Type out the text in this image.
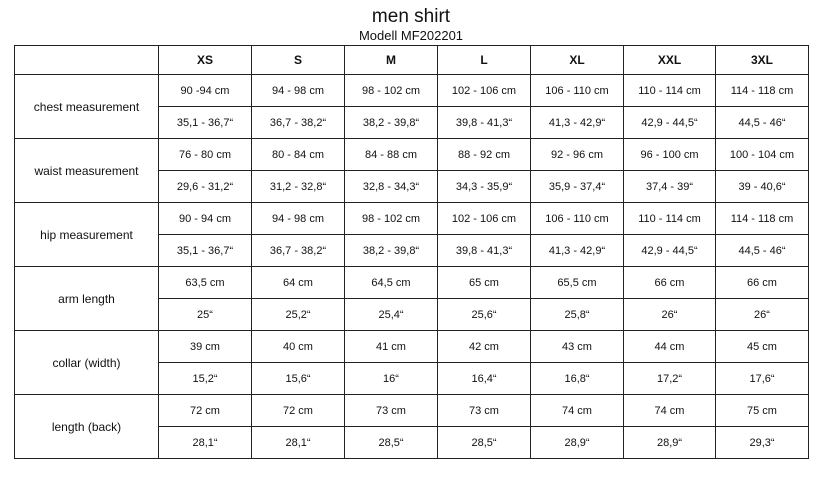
men shirt
Modell MF202201
	XS	S	M	L	XL	XXL	3XL
chest measurement	90 -94 cm	94 - 98 cm	98 - 102 cm	102 - 106 cm	106 - 110 cm	110 - 114 cm	114 - 118 cm
	35,1 - 36,7“	36,7 - 38,2“	38,2 - 39,8“	39,8 - 41,3“	41,3 - 42,9“	42,9 - 44,5“	44,5 - 46“
waist measurement	76 - 80 cm	80 - 84 cm	84 - 88 cm	88 - 92 cm	92 - 96 cm	96 - 100 cm	100 - 104 cm
	29,6 - 31,2“	31,2 - 32,8“	32,8 - 34,3“	34,3 - 35,9“	35,9 - 37,4“	37,4 - 39“	39 - 40,6“
hip measurement	90 - 94 cm	94 - 98 cm	98 - 102 cm	102 - 106 cm	106 - 110 cm	110 - 114 cm	114 - 118 cm
	35,1 - 36,7“	36,7 - 38,2“	38,2 - 39,8“	39,8 - 41,3“	41,3 - 42,9“	42,9 - 44,5“	44,5 - 46“
arm length	63,5 cm	64 cm	64,5 cm	65 cm	65,5 cm	66 cm	66 cm
	25“	25,2“	25,4“	25,6“	25,8“	26“	26“
collar (width)	39 cm	40 cm	41 cm	42 cm	43 cm	44 cm	45 cm
	15,2“	15,6“	16“	16,4“	16,8“	17,2“	17,6“
length (back)	72 cm	72 cm	73 cm	73 cm	74 cm	74 cm	75 cm
	28,1“	28,1“	28,5“	28,5“	28,9“	28,9“	29,3“
